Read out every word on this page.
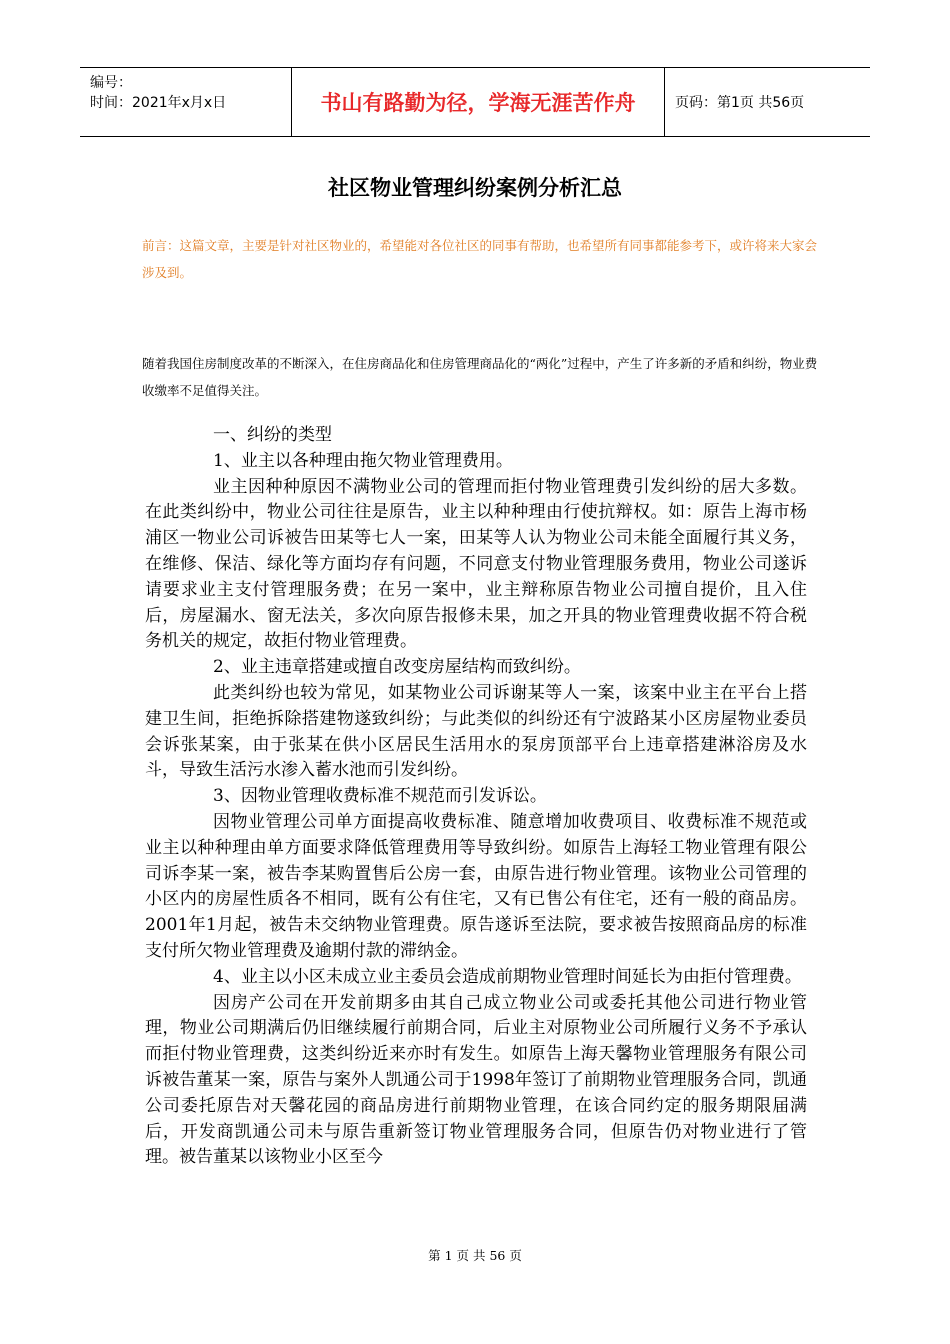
编号：
时间：2021年x月x日	书山有路勤为径，学海无涯苦作舟	页码：第1页 共56页
社区物业管理纠纷案例分析汇总
前言：这篇文章，主要是针对社区物业的，希望能对各位社区的同事有帮助，也希望所有同事都能参考下，或许将来大家会涉及到。
随着我国住房制度改革的不断深入，在住房商品化和住房管理商品化的“两化”过程中，产生了许多新的矛盾和纠纷，物业费收缴率不足值得关注。

一、纠纷的类型

1、业主以各种理由拖欠物业管理费用。

业主因种种原因不满物业公司的管理而拒付物业管理费引发纠纷的居大多数。在此类纠纷中，物业公司往往是原告，业主以种种理由行使抗辩权。如：原告上海市杨浦区一物业公司诉被告田某等七人一案，田某等人认为物业公司未能全面履行其义务，在维修、保洁、绿化等方面均存有问题，不同意支付物业管理服务费用，物业公司遂诉请要求业主支付管理服务费；在另一案中，业主辩称原告物业公司擅自提价，且入住后，房屋漏水、窗无法关，多次向原告报修未果，加之开具的物业管理费收据不符合税务机关的规定，故拒付物业管理费。

2、业主违章搭建或擅自改变房屋结构而致纠纷。

此类纠纷也较为常见，如某物业公司诉谢某等人一案，该案中业主在平台上搭建卫生间，拒绝拆除搭建物遂致纠纷；与此类似的纠纷还有宁波路某小区房屋物业委员会诉张某案，由于张某在供小区居民生活用水的泵房顶部平台上违章搭建淋浴房及水斗，导致生活污水渗入蓄水池而引发纠纷。

3、因物业管理收费标准不规范而引发诉讼。

因物业管理公司单方面提高收费标准、随意增加收费项目、收费标准不规范或业主以种种理由单方面要求降低管理费用等导致纠纷。如原告上海轻工物业管理有限公司诉李某一案，被告李某购置售后公房一套，由原告进行物业管理。该物业公司管理的小区内的房屋性质各不相同，既有公有住宅，又有已售公有住宅，还有一般的商品房。2001年1月起，被告未交纳物业管理费。原告遂诉至法院，要求被告按照商品房的标准支付所欠物业管理费及逾期付款的滞纳金。

4、业主以小区未成立业主委员会造成前期物业管理时间延长为由拒付管理费。

因房产公司在开发前期多由其自己成立物业公司或委托其他公司进行物业管理，物业公司期满后仍旧继续履行前期合同，后业主对原物业公司所履行义务不予承认而拒付物业管理费，这类纠纷近来亦时有发生。如原告上海天馨物业管理服务有限公司诉被告董某一案，原告与案外人凯通公司于1998年签订了前期物业管理服务合同，凯通公司委托原告对天馨花园的商品房进行前期物业管理，在该合同约定的服务期限届满后，开发商凯通公司未与原告重新签订物业管理服务合同，但原告仍对物业进行了管理。被告董某以该物业小区至今

第 1 页 共 56 页
